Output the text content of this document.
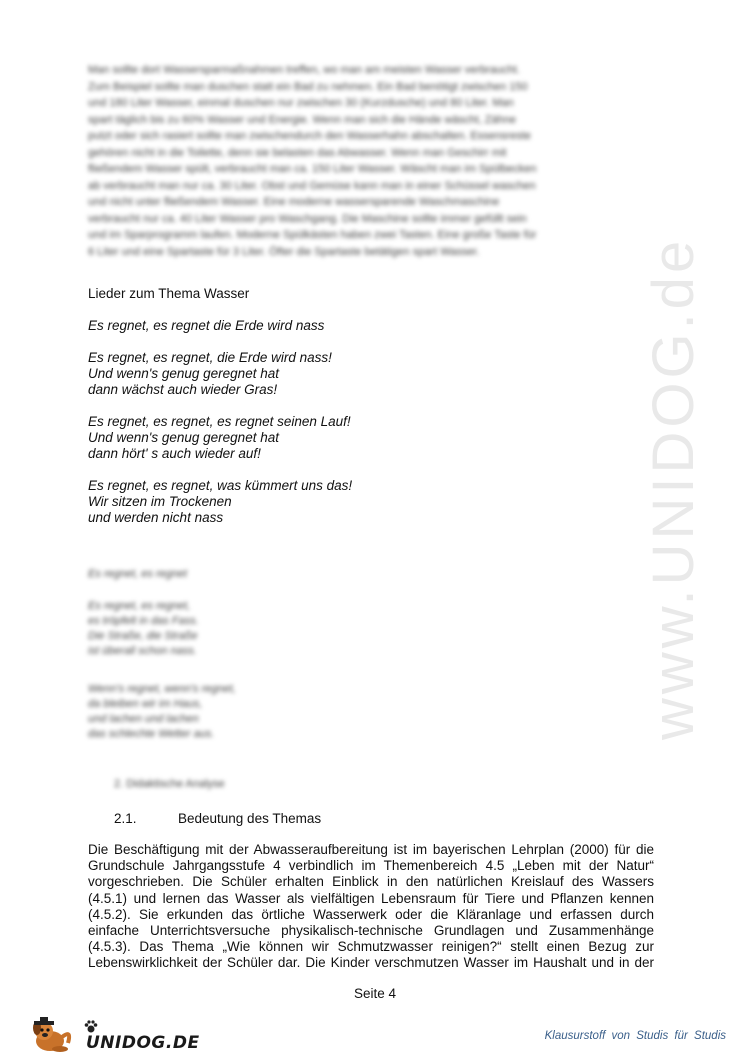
www.UNIDOG.de
Man sollte dort Wassersparmaßnahmen treffen, wo man am meisten Wasser verbraucht.
Zum Beispiel sollte man duschen statt ein Bad zu nehmen. Ein Bad benötigt zwischen 150
und 180 Liter Wasser, einmal duschen nur zwischen 30 (Kurzdusche) und 80 Liter. Man
spart täglich bis zu 60% Wasser und Energie. Wenn man sich die Hände wäscht, Zähne
putzt oder sich rasiert sollte man zwischendurch den Wasserhahn abschalten. Essensreste
gehören nicht in die Toilette, denn sie belasten das Abwasser. Wenn man Geschirr mit
fließendem Wasser spült, verbraucht man ca. 150 Liter Wasser. Wäscht man im Spülbecken
ab verbraucht man nur ca. 30 Liter. Obst und Gemüse kann man in einer Schüssel waschen
und nicht unter fließendem Wasser. Eine moderne wassersparende Waschmaschine
verbraucht nur ca. 40 Liter Wasser pro Waschgang. Die Maschine sollte immer gefüllt sein
und im Sparprogramm laufen. Moderne Spülkästen haben zwei Tasten. Eine große Taste für
6 Liter und eine Spartaste für 3 Liter. Öfter die Spartaste betätigen spart Wasser.
Lieder zum Thema Wasser
Es regnet, es regnet die Erde wird nass
Es regnet, es regnet, die Erde wird nass!
Und wenn's genug geregnet hat
dann wächst auch wieder Gras!
Es regnet, es regnet, es regnet seinen Lauf!
Und wenn's genug geregnet hat
dann hört' s auch wieder auf!
Es regnet, es regnet, was kümmert uns das!
Wir sitzen im Trockenen
und werden nicht nass
Es regnet, es regnet
Es regnet, es regnet,
es tröpfelt in das Fass.
Die Straße, die Straße
ist überall schon nass.
Wenn's regnet, wenn's regnet,
da bleiben wir im Haus,
und lachen und lachen
das schlechte Wetter aus.
2. Didaktische Analyse
2.1.	Bedeutung des Themas
Die Beschäftigung mit der Abwasseraufbereitung ist im bayerischen Lehrplan (2000) für die
Grundschule Jahrgangsstufe 4 verbindlich im Themenbereich 4.5 „Leben mit der Natur“
vorgeschrieben. Die Schüler erhalten Einblick in den natürlichen Kreislauf des Wassers
(4.5.1) und lernen das Wasser als vielfältigen Lebensraum für Tiere und Pflanzen kennen
(4.5.2). Sie erkunden das örtliche Wasserwerk oder die Kläranlage und erfassen durch
einfache Unterrichtsversuche physikalisch-technische Grundlagen und Zusammenhänge
(4.5.3). Das Thema „Wie können wir Schmutzwasser reinigen?“ stellt einen Bezug zur
Lebenswirklichkeit der Schüler dar. Die Kinder verschmutzen Wasser im Haushalt und in der
Seite 4
UNIDOG.DE	Klausurstoff von Studis für Studis
